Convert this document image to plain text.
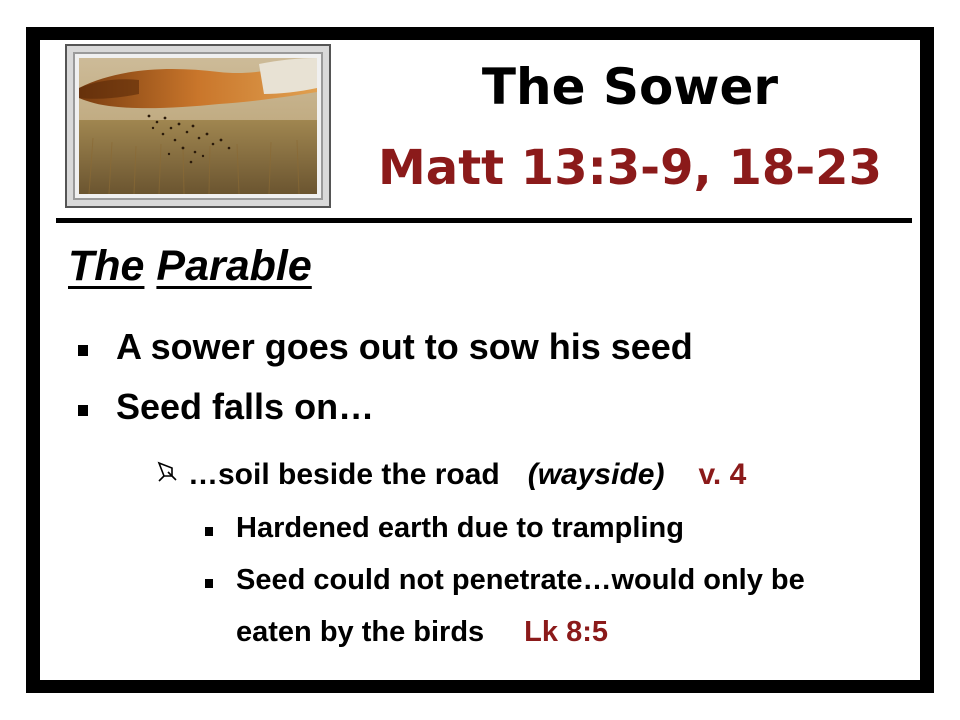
The Sower
Matt 13:3-9, 18-23
The Parable
A sower goes out to sow his seed
Seed falls on…
…soil beside the road (wayside) v. 4
Hardened earth due to trampling
Seed could not penetrate…would only be
eaten by the birds Lk 8:5
